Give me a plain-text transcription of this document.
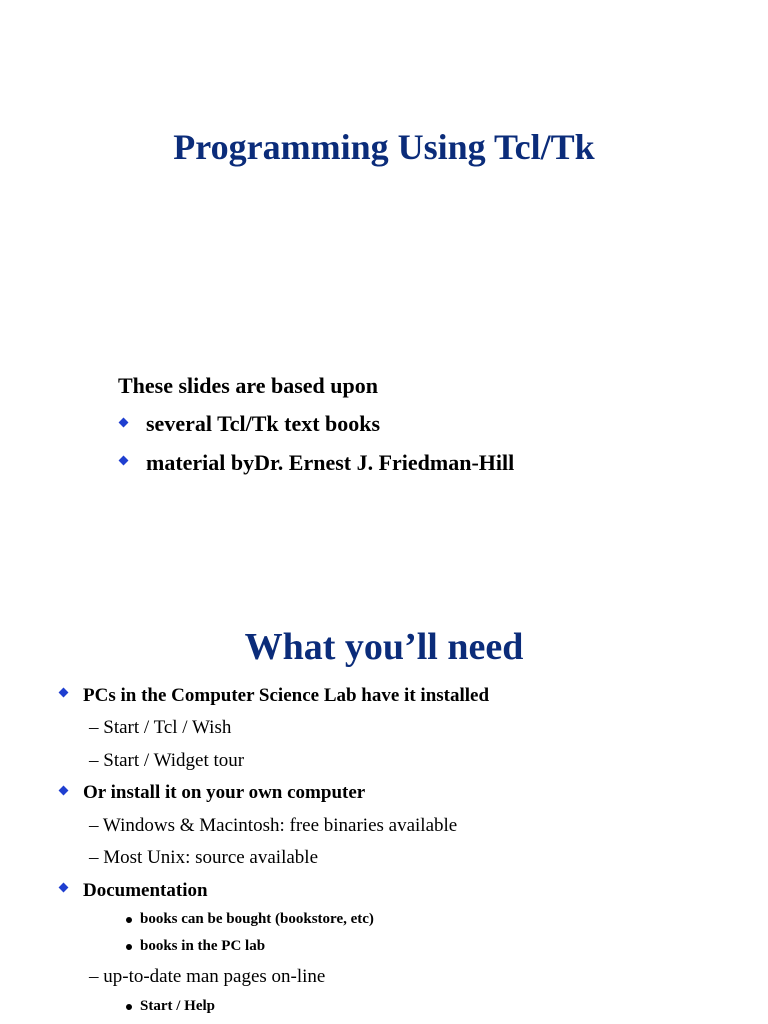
Programming Using Tcl/Tk
These slides are based upon
several Tcl/Tk text books
material byDr. Ernest J. Friedman-Hill
What you’ll need
PCs in the Computer Science Lab have it installed
– Start / Tcl / Wish
– Start / Widget tour
Or install it on your own computer
– Windows & Macintosh: free binaries available
– Most Unix: source available
Documentation
books can be bought (bookstore, etc)
books in the PC lab
– up-to-date man pages on-line
Start / Help
